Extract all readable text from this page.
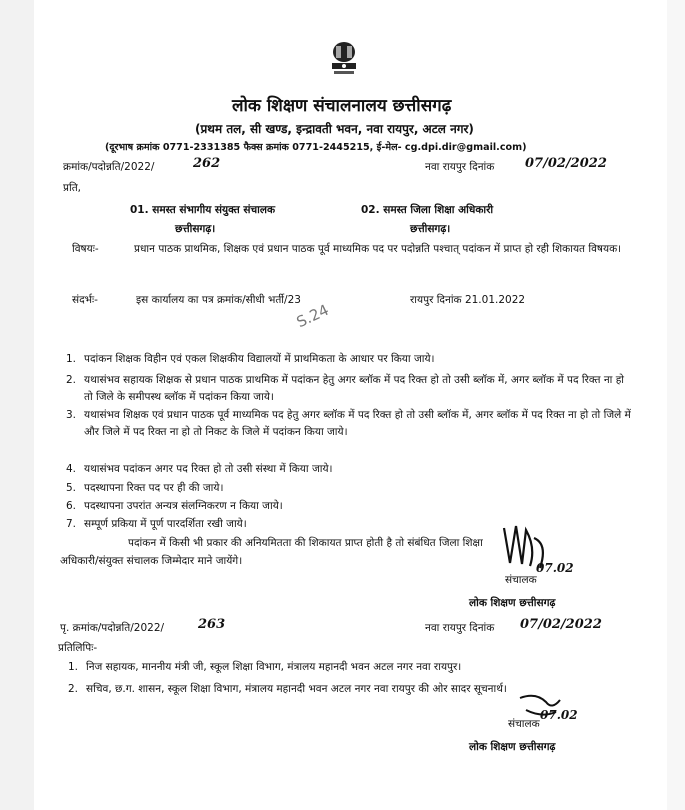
लोक शिक्षण संचालनालय छत्तीसगढ़
(प्रथम तल, सी खण्ड, इन्द्रावती भवन, नवा रायपुर, अटल नगर)
(दूरभाष क्रमांक 0771-2331385 फैक्स क्रमांक 0771-2445215, ई-मेल- cg.dpi.dir@gmail.com)
क्रमांक/पदोन्नति/2022/	262	नवा रायपुर दिनांक 07/02/2022
प्रति,
01. समस्त संभागीय संयुक्त संचालक
छत्तीसगढ़।
02. समस्त जिला शिक्षा अधिकारी
छत्तीसगढ़।
विषयः-	प्रधान पाठक प्राथमिक, शिक्षक एवं प्रधान पाठक पूर्व माध्यमिक पद पर पदोन्नति पश्चात् पदांकन में प्राप्त हो रही शिकायत विषयक।
संदर्भः-	इस कार्यालय का पत्र क्रमांक/सीधी भर्ती/23	रायपुर दिनांक 21.01.2022
S.24
1. पदांकन शिक्षक विहीन एवं एकल शिक्षकीय विद्यालयों में प्राथमिकता के आधार पर किया जाये।
2. यथासंभव सहायक शिक्षक से प्रधान पाठक प्राथमिक में पदांकन हेतु अगर ब्लॉक में पद रिक्त हो तो उसी ब्लॉक में, अगर ब्लॉक में पद रिक्त ना हो तो जिले के समीपस्थ ब्लॉक में पदांकन किया जाये।
3. यथासंभव शिक्षक एवं प्रधान पाठक पूर्व माध्यमिक पद हेतु अगर ब्लॉक में पद रिक्त हो तो उसी ब्लॉक में, अगर ब्लॉक में पद रिक्त ना हो तो जिले में और जिले में पद रिक्त ना हो तो निकट के जिले में पदांकन किया जाये।
4. यथासंभव पदांकन अगर पद रिक्त हो तो उसी संस्था में किया जाये।
5. पदस्थापना रिक्त पद पर ही की जाये।
6. पदस्थापना उपरांत अन्यत्र संलग्निकरण न किया जाये।
7. सम्पूर्ण प्रकिया में पूर्ण पारदर्शिता रखी जाये।
पदांकन में किसी भी प्रकार की अनियमितता की शिकायत प्राप्त होती है तो संबंधित जिला शिक्षा
अधिकारी/संयुक्त संचालक जिम्मेदार माने जायेंगे।	07.02
संचालक
लोक शिक्षण छत्तीसगढ़
पृ. क्रमांक/पदोन्नति/2022/	263	नवा रायपुर दिनांक 07/02/2022
प्रतिलिपिः-
1. निज सहायक, माननीय मंत्री जी, स्कूल शिक्षा विभाग, मंत्रालय महानदी भवन अटल नगर नवा रायपुर।
2. सचिव, छ.ग. शासन, स्कूल शिक्षा विभाग, मंत्रालय महानदी भवन अटल नगर नवा रायपुर की ओर सादर सूचनार्थ।
07.02
संचालक
लोक शिक्षण छत्तीसगढ़
